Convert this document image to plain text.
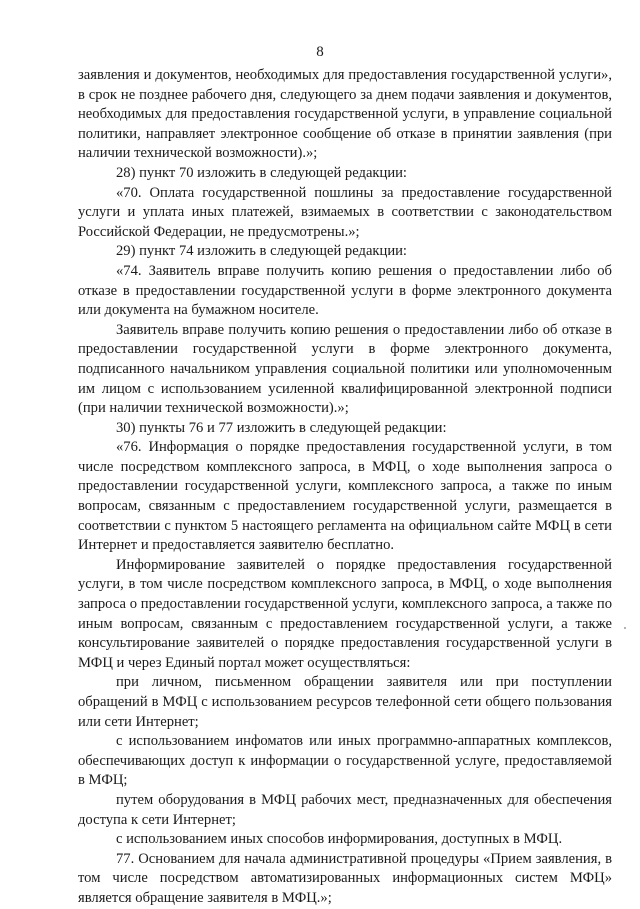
8

заявления и документов, необходимых для предоставления государственной услуги», в срок не позднее рабочего дня, следующего за днем подачи заявления и документов, необходимых для предоставления государственной услуги, в управление социальной политики, направляет электронное сообщение об отказе в принятии заявления (при наличии технической возможности).»;

28) пункт 70 изложить в следующей редакции:

«70. Оплата государственной пошлины за предоставление государственной услуги и уплата иных платежей, взимаемых в соответствии с законодательством Российской Федерации, не предусмотрены.»;

29) пункт 74 изложить в следующей редакции:

«74. Заявитель вправе получить копию решения о предоставлении либо об отказе в предоставлении государственной услуги в форме электронного документа или документа на бумажном носителе.

Заявитель вправе получить копию решения о предоставлении либо об отказе в предоставлении государственной услуги в форме электронного документа, подписанного начальником управления социальной политики или уполномоченным им лицом с использованием усиленной квалифицированной электронной подписи (при наличии технической возможности).»;

30) пункты 76 и 77 изложить в следующей редакции:

«76. Информация о порядке предоставления государственной услуги, в том числе посредством комплексного запроса, в МФЦ, о ходе выполнения запроса о предоставлении государственной услуги, комплексного запроса, а также по иным вопросам, связанным с предоставлением государственной услуги, размещается в соответствии с пунктом 5 настоящего регламента на официальном сайте МФЦ в сети Интернет и предоставляется заявителю бесплатно.

Информирование заявителей о порядке предоставления государственной услуги, в том числе посредством комплексного запроса, в МФЦ, о ходе выполнения запроса о предоставлении государственной услуги, комплексного запроса, а также по иным вопросам, связанным с предоставлением государственной услуги, а также консультирование заявителей о порядке предоставления государственной услуги в МФЦ и через Единый портал может осуществляться:

при личном, письменном обращении заявителя или при поступлении обращений в МФЦ с использованием ресурсов телефонной сети общего пользования или сети Интернет;

с использованием инфоматов или иных программно-аппаратных комплексов, обеспечивающих доступ к информации о государственной услуге, предоставляемой в МФЦ;

путем оборудования в МФЦ рабочих мест, предназначенных для обеспечения доступа к сети Интернет;

с использованием иных способов информирования, доступных в МФЦ.

77. Основанием для начала административной процедуры «Прием заявления, в том числе посредством автоматизированных информационных систем МФЦ» является обращение заявителя в МФЦ.»;
